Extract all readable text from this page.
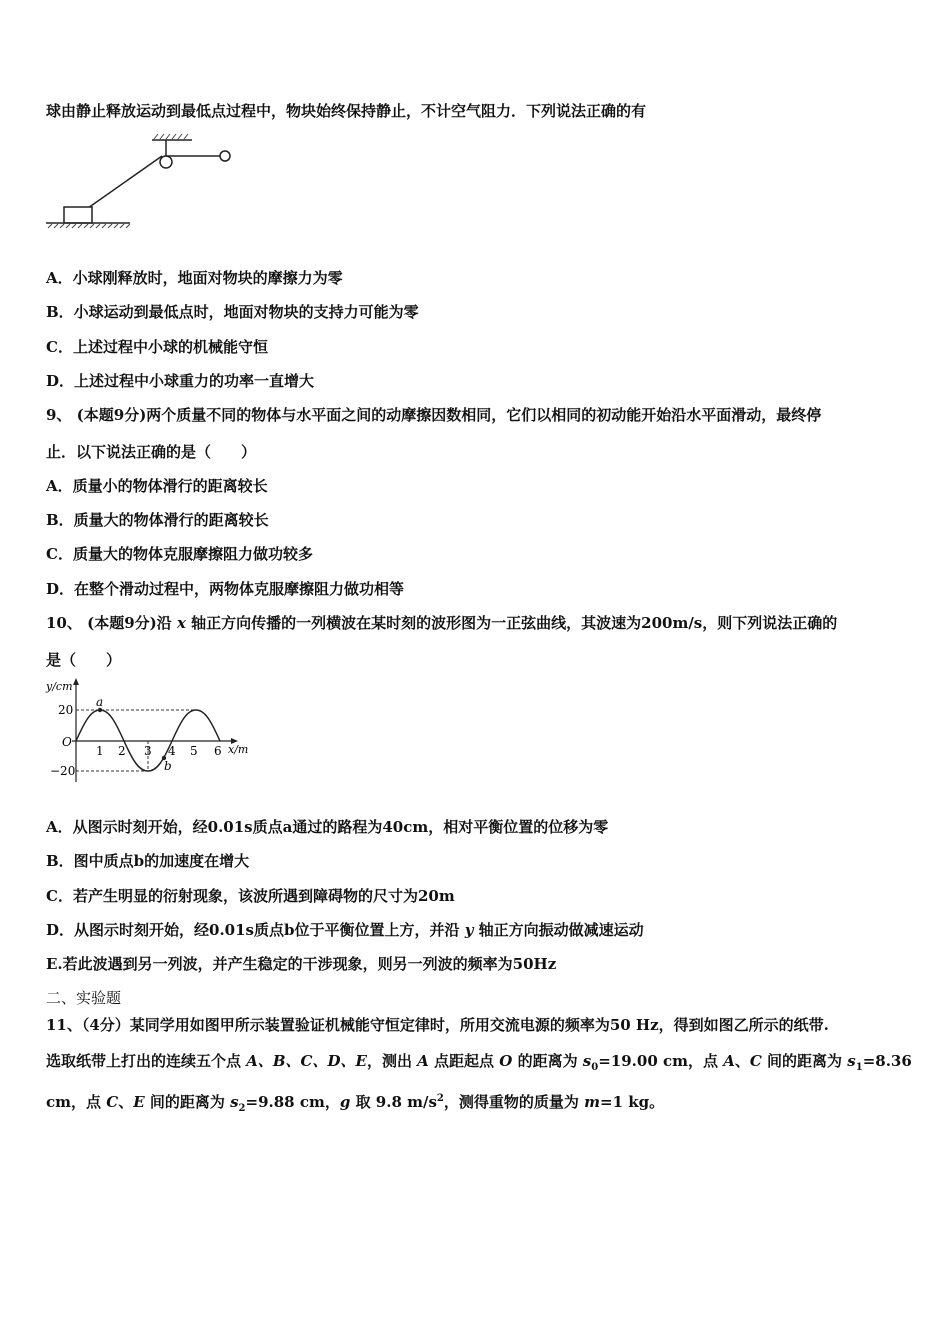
球由静止释放运动到最低点过程中，物块始终保持静止，不计空气阻力．下列说法正确的有
A．小球刚释放时，地面对物块的摩擦力为零
B．小球运动到最低点时，地面对物块的支持力可能为零
C．上述过程中小球的机械能守恒
D．上述过程中小球重力的功率一直增大
9、 (本题9分)两个质量不同的物体与水平面之间的动摩擦因数相同，它们以相同的初动能开始沿水平面滑动，最终停
止．以下说法正确的是（　　）
A．质量小的物体滑行的距离较长
B．质量大的物体滑行的距离较长
C．质量大的物体克服摩擦阻力做功较多
D．在整个滑动过程中，两物体克服摩擦阻力做功相等
10、 (本题9分)沿 x 轴正方向传播的一列横波在某时刻的波形图为一正弦曲线，其波速为200m/s，则下列说法正确的
是（　　）
y/cm
x/m
O
20
−20
1 2 3 4 5 6
a
b
A．从图示时刻开始，经0.01s质点a通过的路程为40cm，相对平衡位置的位移为零
B．图中质点b的加速度在增大
C．若产生明显的衍射现象，该波所遇到障碍物的尺寸为20m
D．从图示时刻开始，经0.01s质点b位于平衡位置上方，并沿 y 轴正方向振动做减速运动
E.若此波遇到另一列波，并产生稳定的干涉现象，则另一列波的频率为50Hz
二、实验题
11、（4分）某同学用如图甲所示装置验证机械能守恒定律时，所用交流电源的频率为50 Hz，得到如图乙所示的纸带.
选取纸带上打出的连续五个点 A、B、C、D、E，测出 A 点距起点 O 的距离为 $s_0=19.00$ cm，点 A、C 间的距离为 $s_1=8.36$
cm，点 C、E 间的距离为 $s_2=9.88$ cm，g 取 9.8 $m/s^2$，测得重物的质量为 m=1 kg。
